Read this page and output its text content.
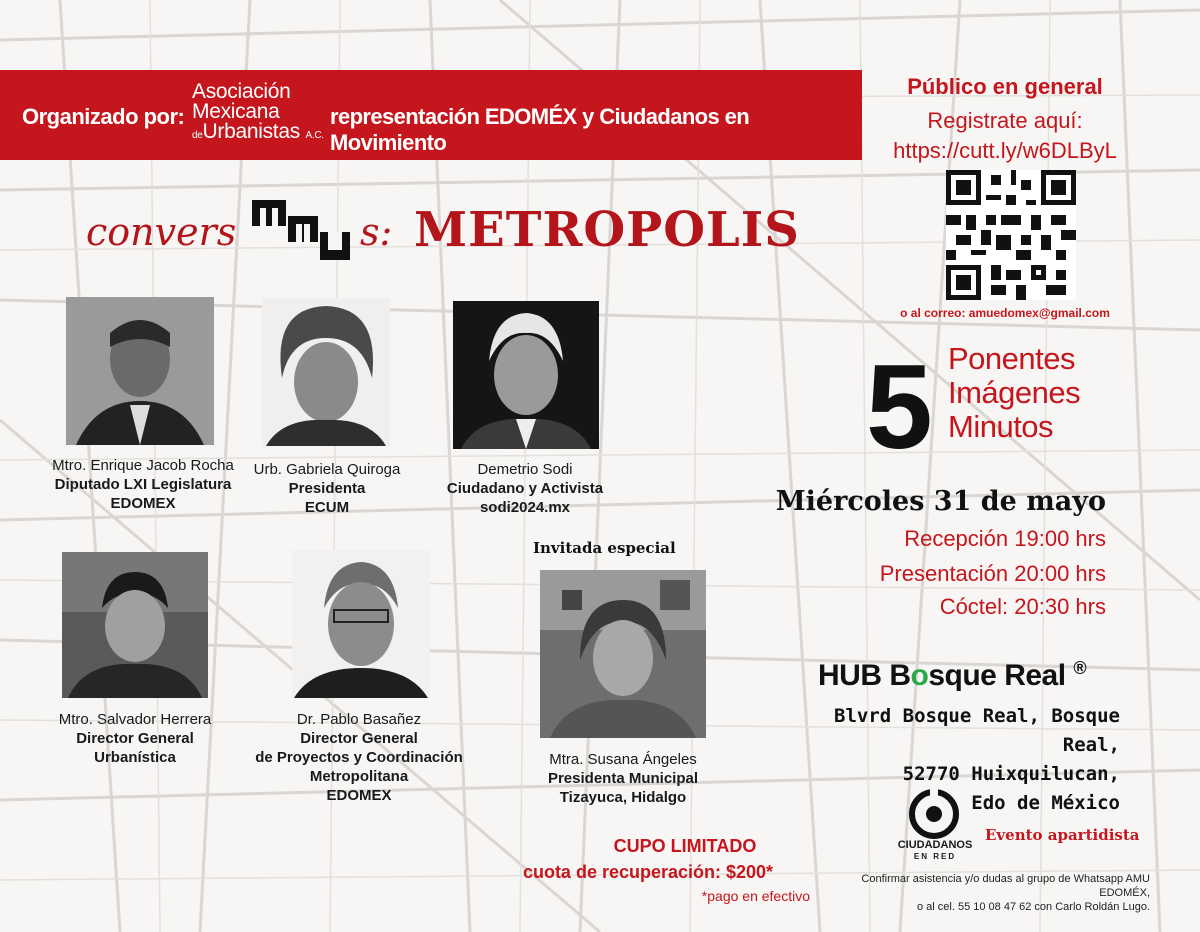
Organizado por:
Asociación
Mexicana
deUrbanistas A.C.
representación EDOMÉX y Ciudadanos en Movimiento
convers	s: METROPOLIS
Público en general
Registrate aquí:
https://cutt.ly/w6DLByL
o al correo: amuedomex@gmail.com
5 Ponentes
Imágenes
Minutos
Mtro. Enrique Jacob Rocha
Diputado LXI Legislatura
EDOMEX
Urb. Gabriela Quiroga
Presidenta
ECUM
Demetrio Sodi
Ciudadano y Activista
sodi2024.mx
Mtro. Salvador Herrera
Director General
Urbanística
Dr. Pablo Basañez
Director General
de Proyectos y Coordinación
Metropolitana
EDOMEX
Invitada especial
Mtra. Susana Ángeles
Presidenta Municipal
Tizayuca, Hidalgo
Miércoles 31 de mayo
Recepción 19:00 hrs
Presentación 20:00 hrs
Cóctel: 20:30 hrs
HUB Bosque Real ®
Blvrd Bosque Real, Bosque Real,
52770 Huixquilucan,
Edo de México
CUPO LIMITADO
cuota de recuperación: $200*
*pago en efectivo
CIUDADANOS
EN RED
Evento apartidista
Confirmar asistencia y/o dudas al grupo de Whatsapp AMU EDOMÉX,
o al cel. 55 10 08 47 62 con Carlo Roldán Lugo.
